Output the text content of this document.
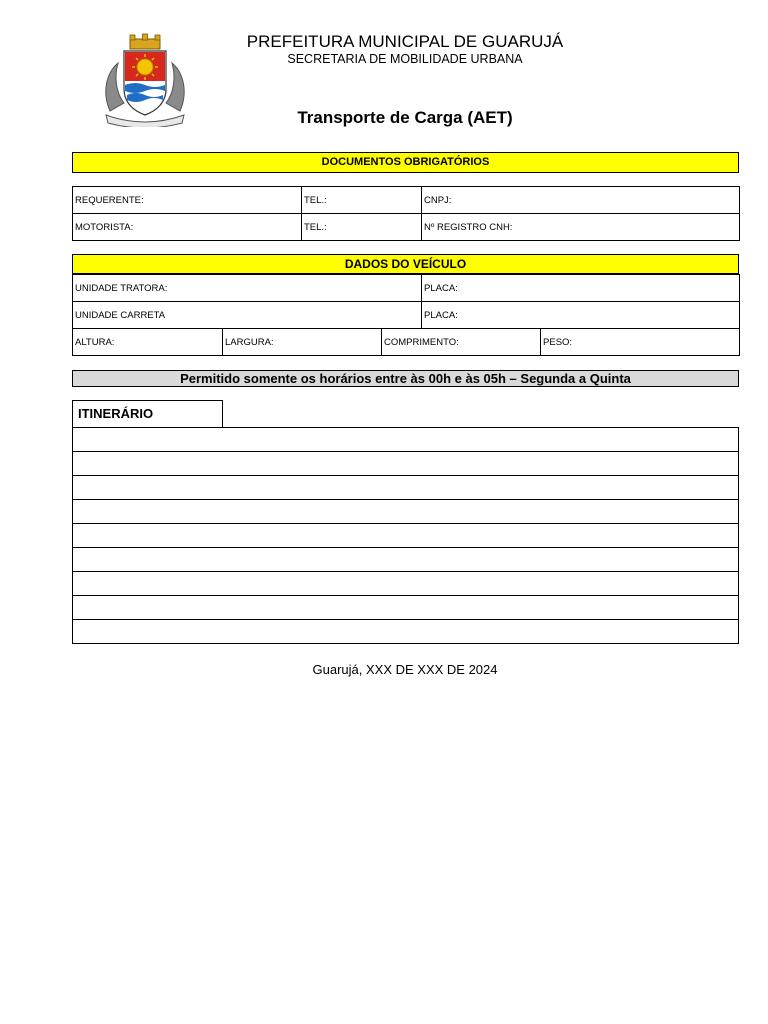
PREFEITURA MUNICIPAL DE GUARUJÁ
SECRETARIA DE MOBILIDADE URBANA
Transporte de Carga (AET)
DOCUMENTOS OBRIGATÓRIOS
REQUERENTE:	TEL.:	CNPJ:
MOTORISTA:	TEL.:	Nº REGISTRO CNH:
DADOS DO VEÍCULO
UNIDADE TRATORA:			PLACA:	
UNIDADE CARRETA			PLACA:	
ALTURA:	LARGURA:	COMPRIMENTO:		PESO:
Permitido somente os horários entre às 00h e às 05h – Segunda a Quinta
ITINERÁRIO

Guarujá, XXX DE XXX DE 2024
